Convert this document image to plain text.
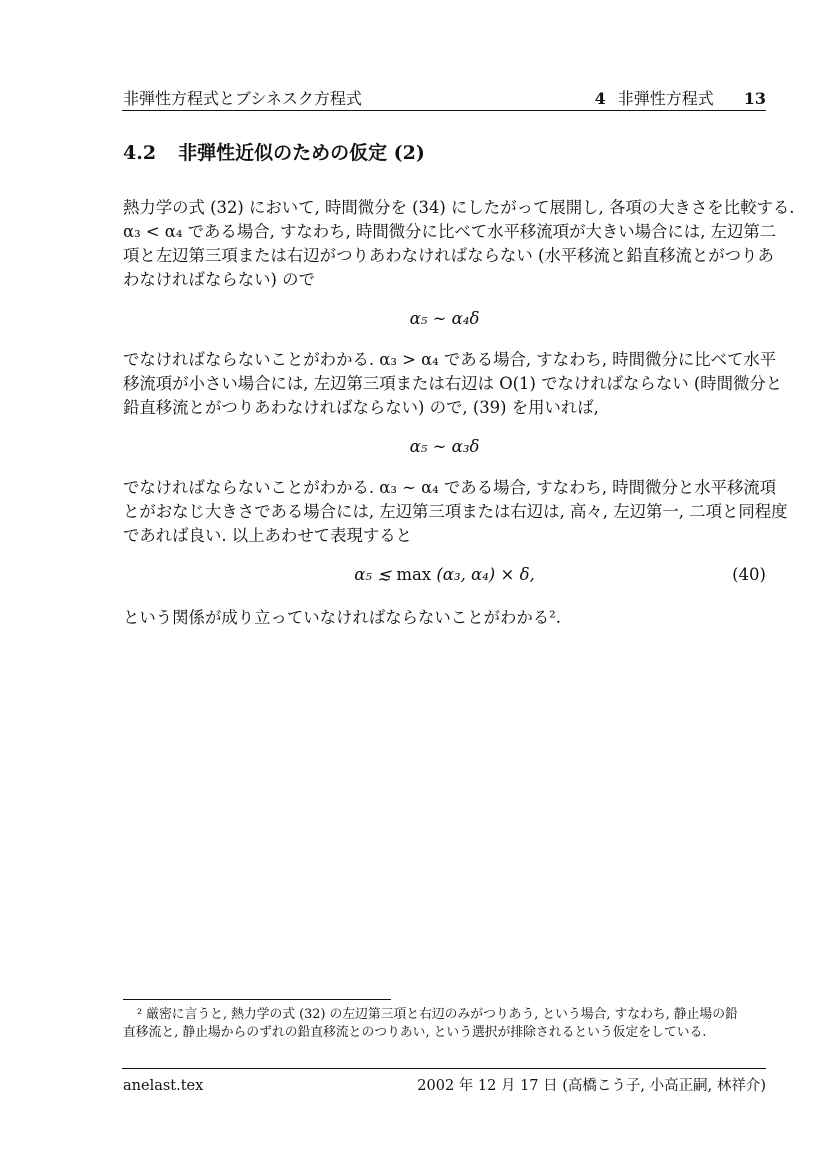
非弾性方程式とブシネスク方程式	4 非弾性方程式 13
4.2 非弾性近似のための仮定 (2)
熱力学の式 (32) において, 時間微分を (34) にしたがって展開し, 各項の大きさを比較する.
α₃ < α₄ である場合, すなわち, 時間微分に比べて水平移流項が大きい場合には, 左辺第二
項と左辺第三項または右辺がつりあわなければならない (水平移流と鉛直移流とがつりあ
わなければならない) ので
α₅ ∼ α₄δ
でなければならないことがわかる. α₃ > α₄ である場合, すなわち, 時間微分に比べて水平
移流項が小さい場合には, 左辺第三項または右辺は O(1) でなければならない (時間微分と
鉛直移流とがつりあわなければならない) ので, (39) を用いれば,
α₅ ∼ α₃δ
でなければならないことがわかる. α₃ ∼ α₄ である場合, すなわち, 時間微分と水平移流項
とがおなじ大きさである場合には, 左辺第三項または右辺は, 高々, 左辺第一, 二項と同程度
であれば良い. 以上あわせて表現すると
α₅ ≲ max (α₃, α₄) × δ,	(40)
という関係が成り立っていなければならないことがわかる².
² 厳密に言うと, 熱力学の式 (32) の左辺第三項と右辺のみがつりあう, という場合, すなわち, 静止場の鉛
直移流と, 静止場からのずれの鉛直移流とのつりあい, という選択が排除されるという仮定をしている.
anelast.tex	2002 年 12 月 17 日 (高橋こう子, 小高正嗣, 林祥介)
